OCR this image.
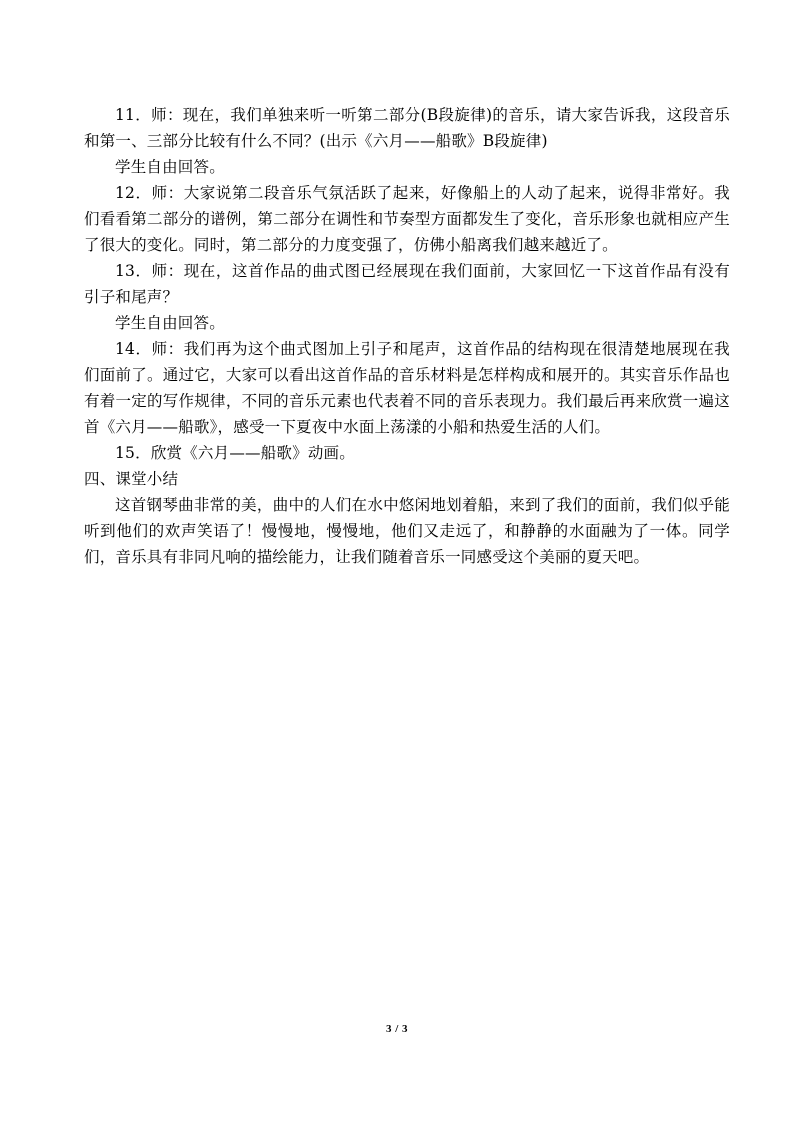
11．师：现在，我们单独来听一听第二部分(B段旋律)的音乐，请大家告诉我，这段音乐和第一、三部分比较有什么不同？(出示《六月——船歌》B段旋律)

学生自由回答。

12．师：大家说第二段音乐气氛活跃了起来，好像船上的人动了起来，说得非常好。我们看看第二部分的谱例，第二部分在调性和节奏型方面都发生了变化，音乐形象也就相应产生了很大的变化。同时，第二部分的力度变强了，仿佛小船离我们越来越近了。

13．师：现在，这首作品的曲式图已经展现在我们面前，大家回忆一下这首作品有没有引子和尾声？

学生自由回答。

14．师：我们再为这个曲式图加上引子和尾声，这首作品的结构现在很清楚地展现在我们面前了。通过它，大家可以看出这首作品的音乐材料是怎样构成和展开的。其实音乐作品也有着一定的写作规律，不同的音乐元素也代表着不同的音乐表现力。我们最后再来欣赏一遍这首《六月——船歌》，感受一下夏夜中水面上荡漾的小船和热爱生活的人们。

15．欣赏《六月——船歌》动画。

四、课堂小结

这首钢琴曲非常的美，曲中的人们在水中悠闲地划着船，来到了我们的面前，我们似乎能听到他们的欢声笑语了！慢慢地，慢慢地，他们又走远了，和静静的水面融为了一体。同学们，音乐具有非同凡响的描绘能力，让我们随着音乐一同感受这个美丽的夏天吧。

3 / 3
